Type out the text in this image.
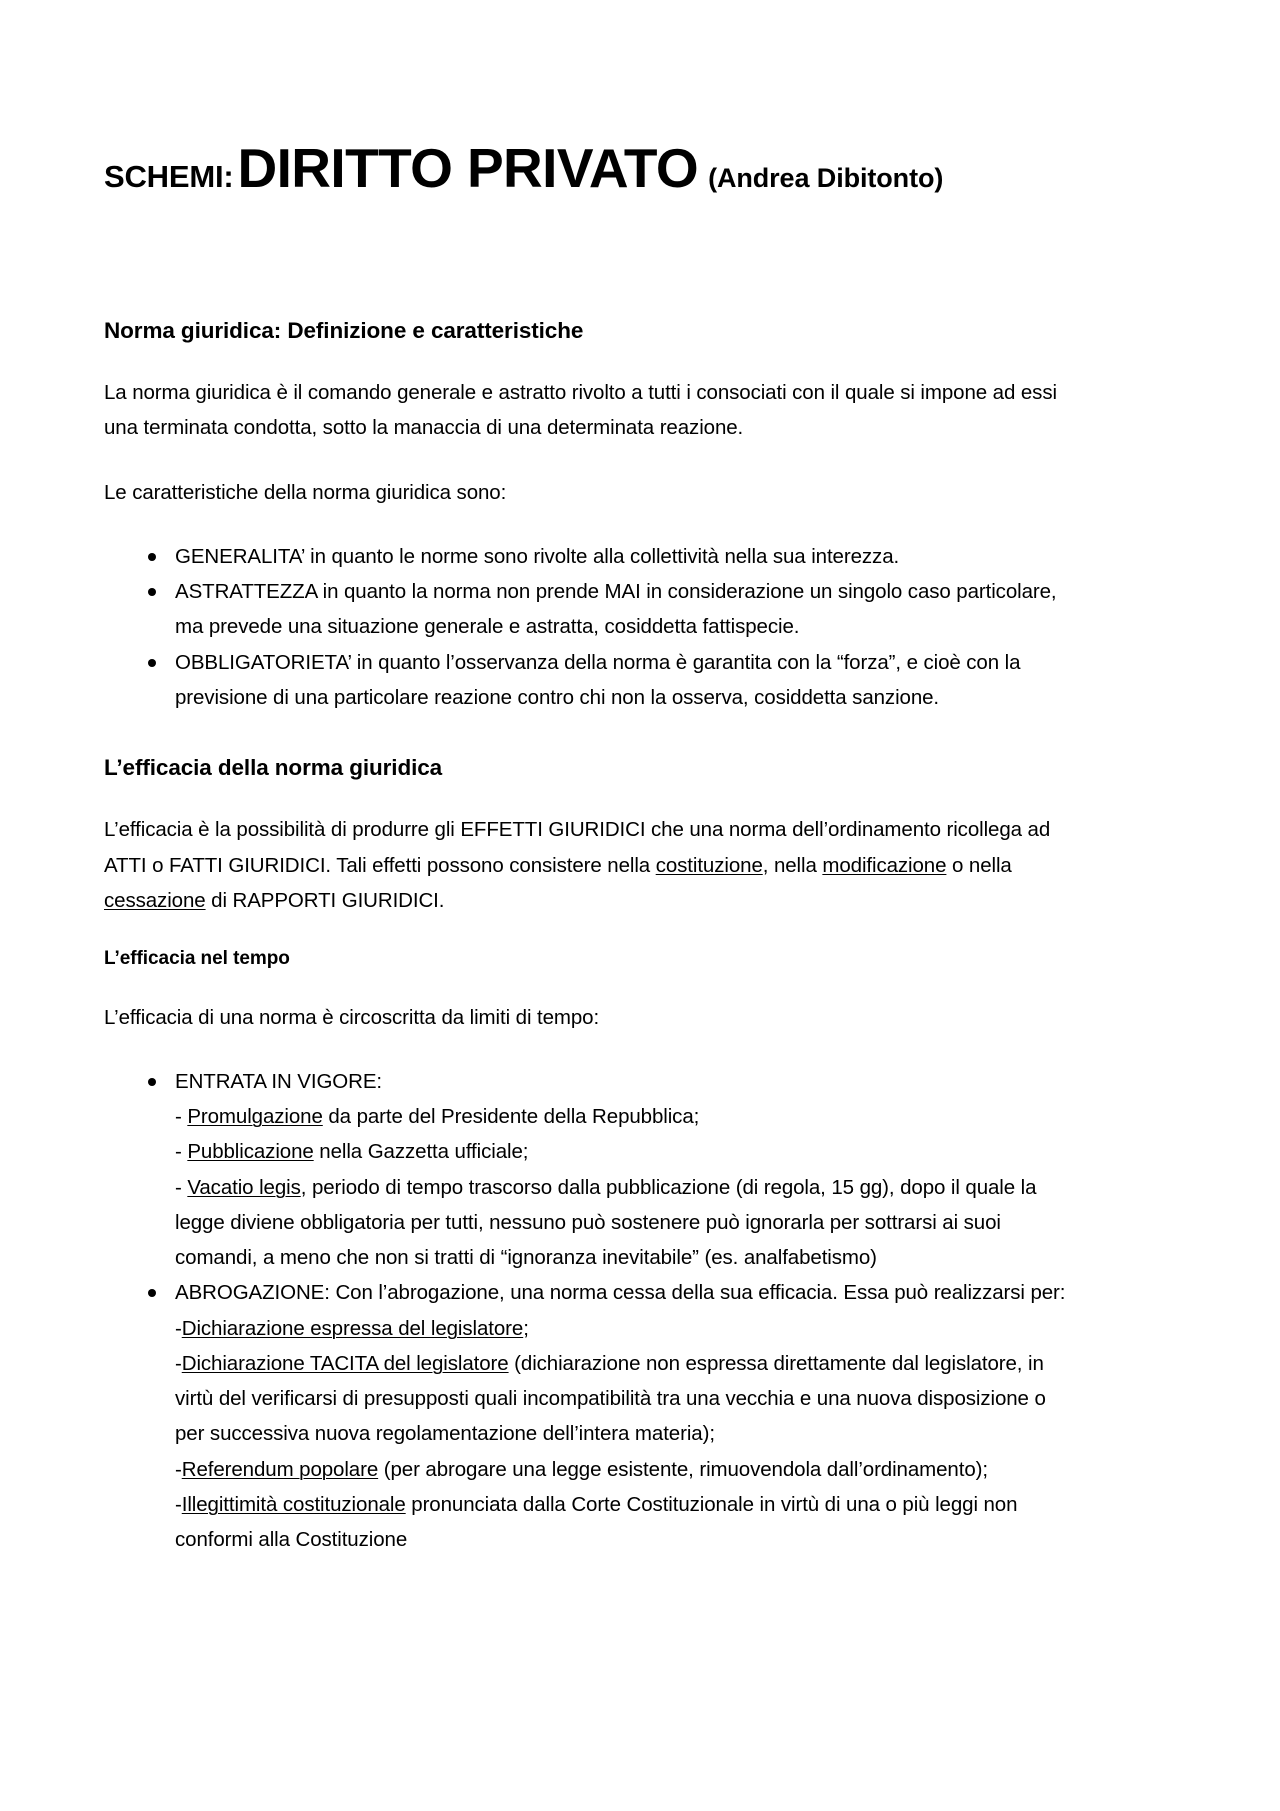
SCHEMI:DIRITTO PRIVATO (Andrea Dibitonto)
Norma giuridica: Definizione e caratteristiche

La norma giuridica è il comando generale e astratto rivolto a tutti i consociati con il quale si impone ad essi una terminata condotta, sotto la manaccia di una determinata reazione.

Le caratteristiche della norma giuridica sono:

GENERALITA’ in quanto le norme sono rivolte alla collettività nella sua interezza.
ASTRATTEZZA in quanto la norma non prende MAI in considerazione un singolo caso particolare, ma prevede una situazione generale e astratta, cosiddetta fattispecie.
OBBLIGATORIETA’ in quanto l’osservanza della norma è garantita con la “forza”, e cioè con la previsione di una particolare reazione contro chi non la osserva, cosiddetta sanzione.
L’efficacia della norma giuridica

L’efficacia è la possibilità di produrre gli EFFETTI GIURIDICI che una norma dell’ordinamento ricollega ad ATTI o FATTI GIURIDICI. Tali effetti possono consistere nella costituzione, nella modificazione o nella cessazione di RAPPORTI GIURIDICI.

L’efficacia nel tempo

L’efficacia di una norma è circoscritta da limiti di tempo:

ENTRATA IN VIGORE:
- Promulgazione da parte del Presidente della Repubblica;
- Pubblicazione nella Gazzetta ufficiale;
- Vacatio legis, periodo di tempo trascorso dalla pubblicazione (di regola, 15 gg), dopo il quale la legge diviene obbligatoria per tutti, nessuno può sostenere può ignorarla per sottrarsi ai suoi comandi, a meno che non si tratti di “ignoranza inevitabile” (es. analfabetismo)
ABROGAZIONE: Con l’abrogazione, una norma cessa della sua efficacia. Essa può realizzarsi per:
-Dichiarazione espressa del legislatore;
-Dichiarazione TACITA del legislatore (dichiarazione non espressa direttamente dal legislatore, in virtù del verificarsi di presupposti quali incompatibilità tra una vecchia e una nuova disposizione o per successiva nuova regolamentazione dell’intera materia);
-Referendum popolare (per abrogare una legge esistente, rimuovendola dall’ordinamento);
-Illegittimità costituzionale pronunciata dalla Corte Costituzionale in virtù di una o più leggi non conformi alla Costituzione
